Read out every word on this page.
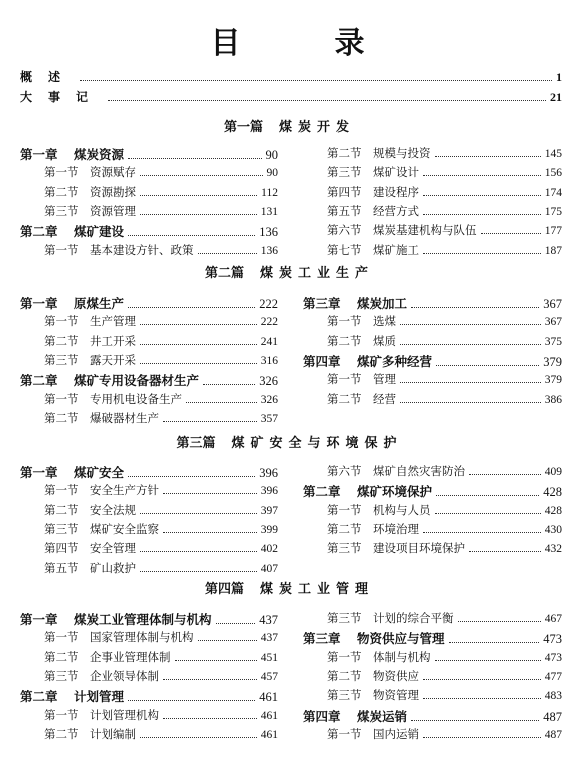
目	录
概述	1
大事记	21
第一篇 煤炭开发
第一章	煤炭资源	90
第一节	资源赋存	90
第二节	资源勘探	112
第三节	资源管理	131
第二章	煤矿建设	136
第一节	基本建设方针、政策	136
第二节	规模与投资	145
第三节	煤矿设计	156
第四节	建设程序	174
第五节	经营方式	175
第六节	煤炭基建机构与队伍	177
第七节	煤矿施工	187
第二篇 煤炭工业生产
第一章	原煤生产	222
第一节	生产管理	222
第二节	井工开采	241
第三节	露天开采	316
第二章	煤矿专用设备器材生产	326
第一节	专用机电设备生产	326
第二节	爆破器材生产	357
第三章	煤炭加工	367
第一节	选煤	367
第二节	煤质	375
第四章	煤矿多种经营	379
第一节	管理	379
第二节	经营	386
第三篇 煤矿安全与环境保护
第一章	煤矿安全	396
第一节	安全生产方针	396
第二节	安全法规	397
第三节	煤矿安全监察	399
第四节	安全管理	402
第五节	矿山救护	407
第六节	煤矿自然灾害防治	409
第二章	煤矿环境保护	428
第一节	机构与人员	428
第二节	环境治理	430
第三节	建设项目环境保护	432
第四篇 煤炭工业管理
第一章	煤炭工业管理体制与机构	437
第一节	国家管理体制与机构	437
第二节	企事业管理体制	451
第三节	企业领导体制	457
第二章	计划管理	461
第一节	计划管理机构	461
第二节	计划编制	461
第三节	计划的综合平衡	467
第三章	物资供应与管理	473
第一节	体制与机构	473
第二节	物资供应	477
第三节	物资管理	483
第四章	煤炭运销	487
第一节	国内运销	487
